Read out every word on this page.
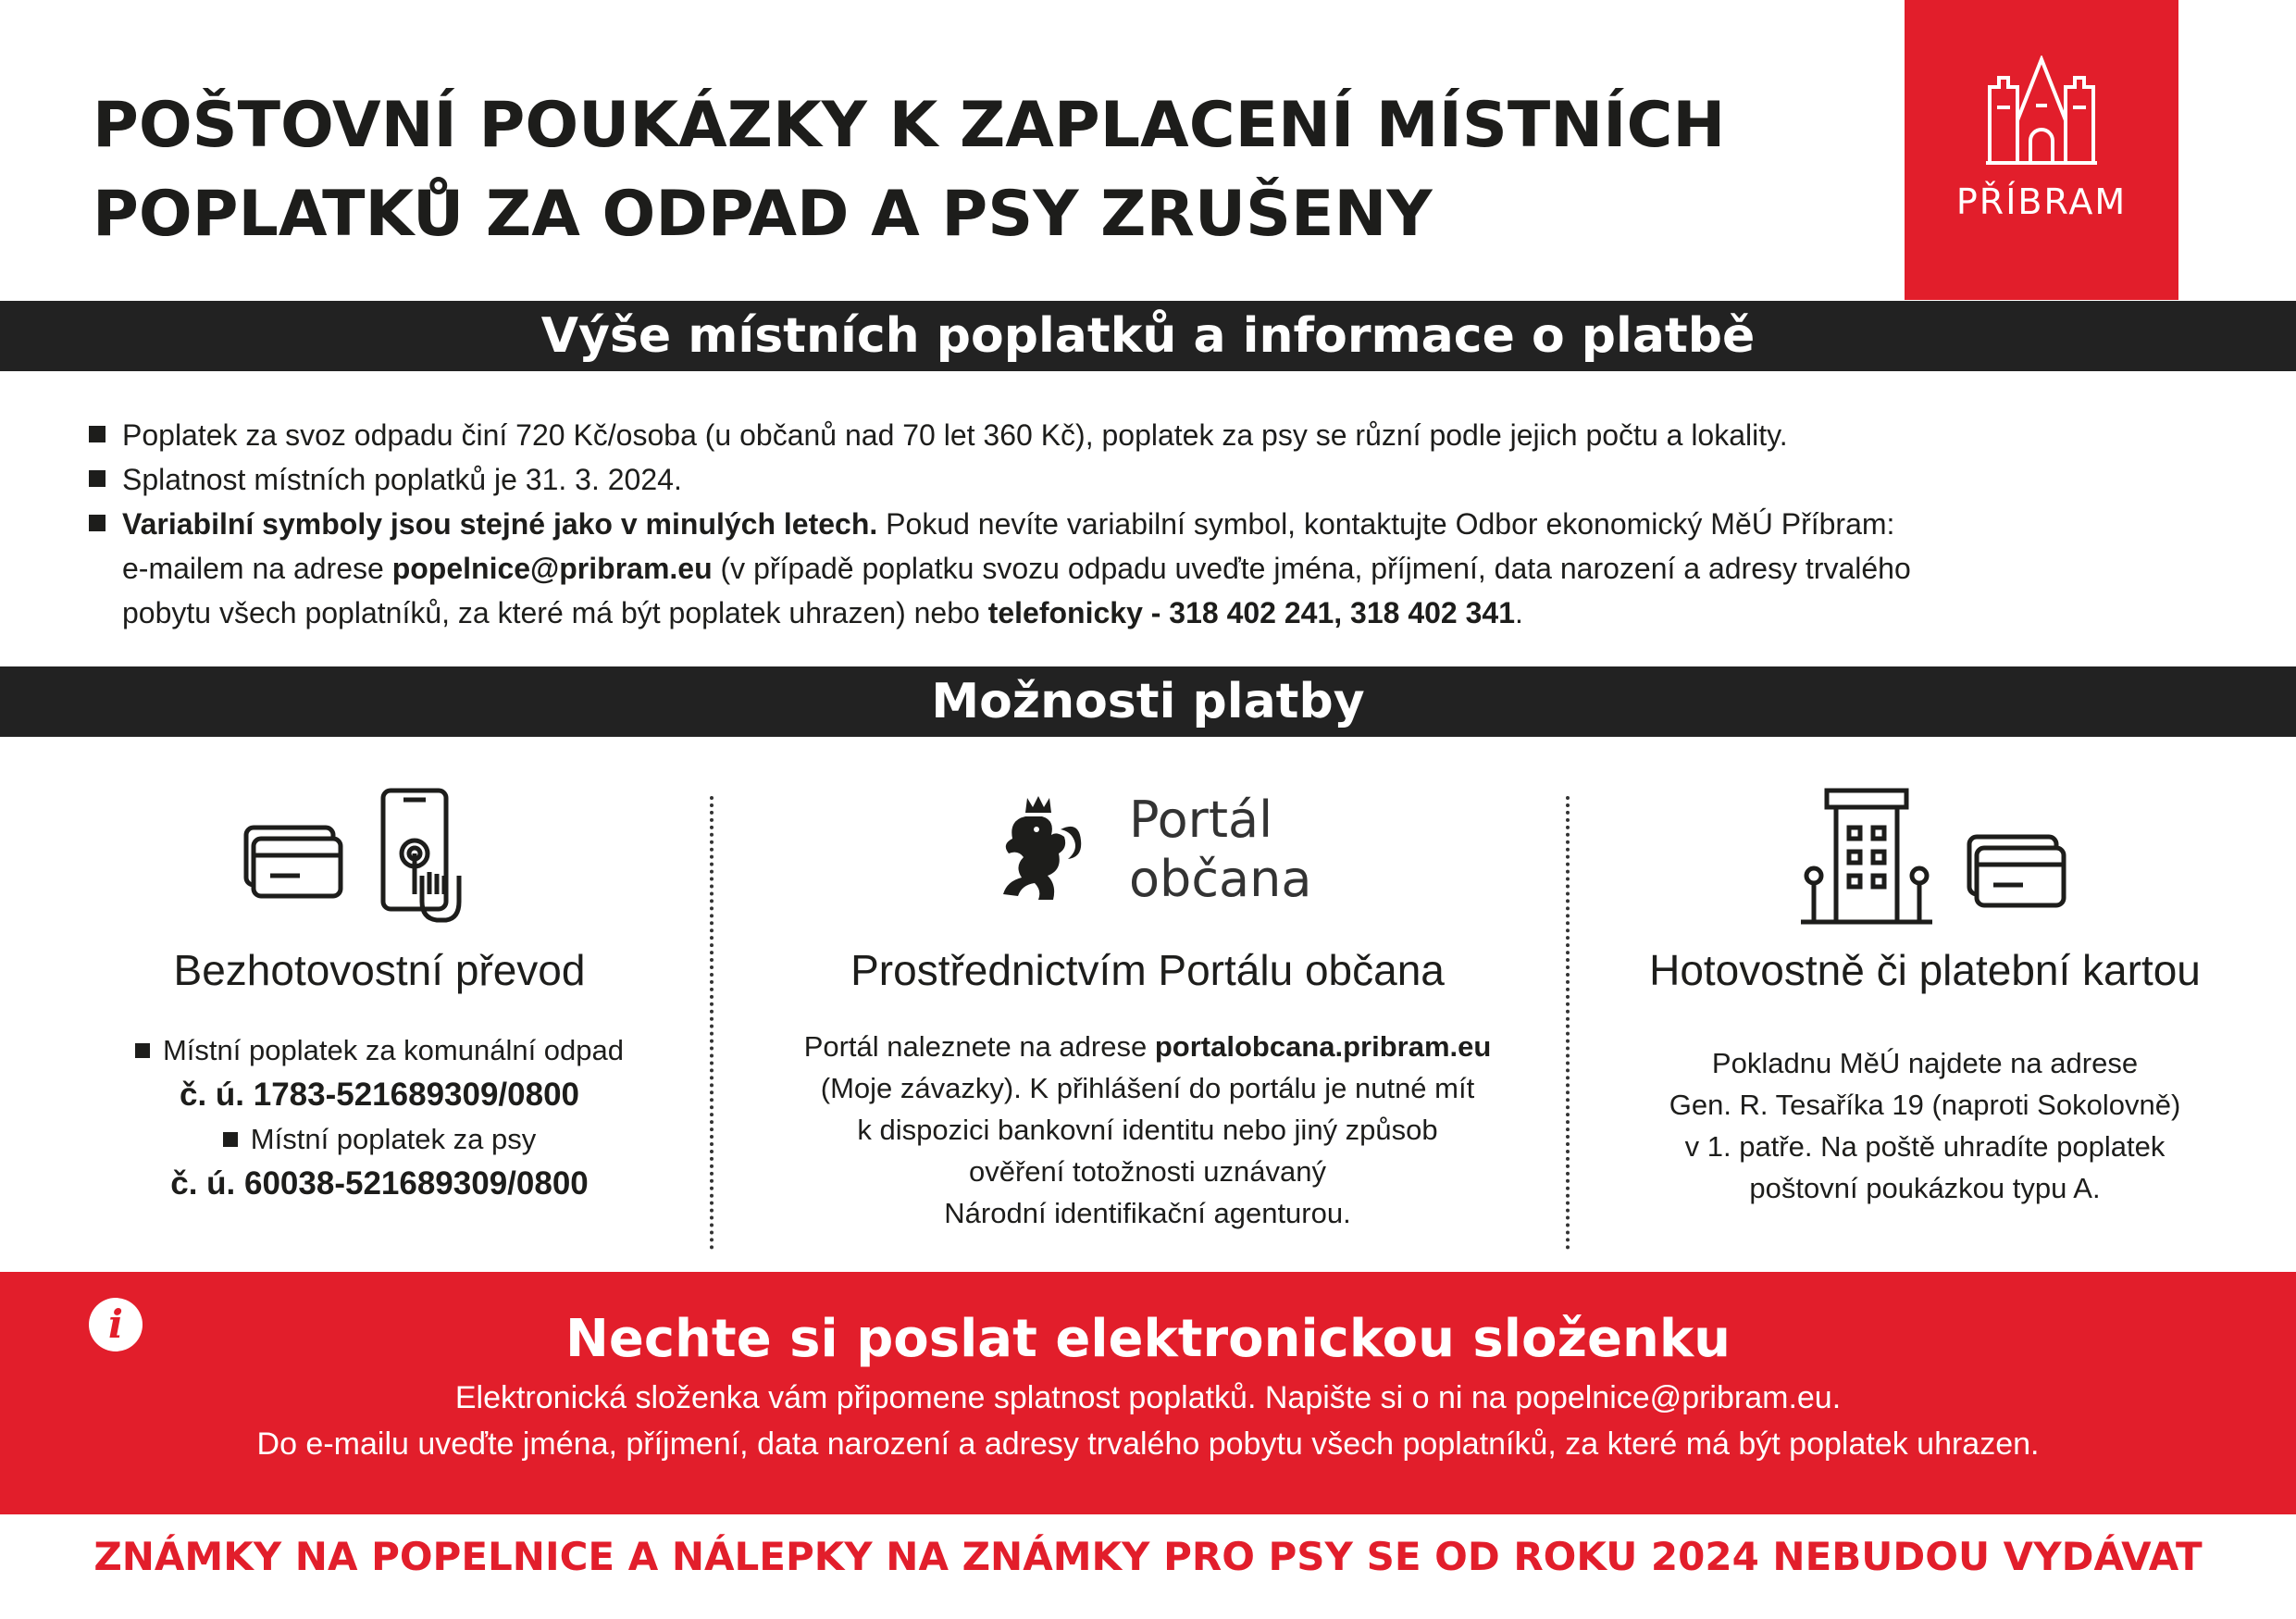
POŠTOVNÍ POUKÁZKY K ZAPLACENÍ MÍSTNÍCH
POPLATKŮ ZA ODPAD A PSY ZRUŠENY	PŘÍBRAM
Výše místních poplatků a informace o platbě
Poplatek za svoz odpadu činí 720 Kč/osoba (u občanů nad 70 let 360 Kč), poplatek za psy se různí podle jejich počtu a lokality.
Splatnost místních poplatků je 31. 3. 2024.
Variabilní symboly jsou stejné jako v minulých letech. Pokud nevíte variabilní symbol, kontaktujte Odbor ekonomický MěÚ Příbram:
e-mailem na adrese popelnice@pribram.eu (v případě poplatku svozu odpadu uveďte jména, příjmení, data narození a adresy trvalého
pobytu všech poplatníků, za které má být poplatek uhrazen) nebo telefonicky - 318 402 241, 318 402 341.
Možnosti platby
Bezhotovostní převod
Místní poplatek za komunální odpad
č. ú. 1783-521689309/0800
Místní poplatek za psy
č. ú. 60038-521689309/0800
Portál
občana
Prostřednictvím Portálu občana
Portál naleznete na adrese portalobcana.pribram.eu
(Moje závazky). K přihlášení do portálu je nutné mít
k dispozici bankovní identitu nebo jiný způsob
ověření totožnosti uznávaný
Národní identifikační agenturou.
Hotovostně či platební kartou
Pokladnu MěÚ najdete na adrese
Gen. R. Tesaříka 19 (naproti Sokolovně)
v 1. patře. Na poště uhradíte poplatek
poštovní poukázkou typu A.
i	Nechte si poslat elektronickou složenku
Elektronická složenka vám připomene splatnost poplatků. Napište si o ni na popelnice@pribram.eu.
Do e-mailu uveďte jména, příjmení, data narození a adresy trvalého pobytu všech poplatníků, za které má být poplatek uhrazen.
ZNÁMKY NA POPELNICE A NÁLEPKY NA ZNÁMKY PRO PSY SE OD ROKU 2024 NEBUDOU VYDÁVAT
